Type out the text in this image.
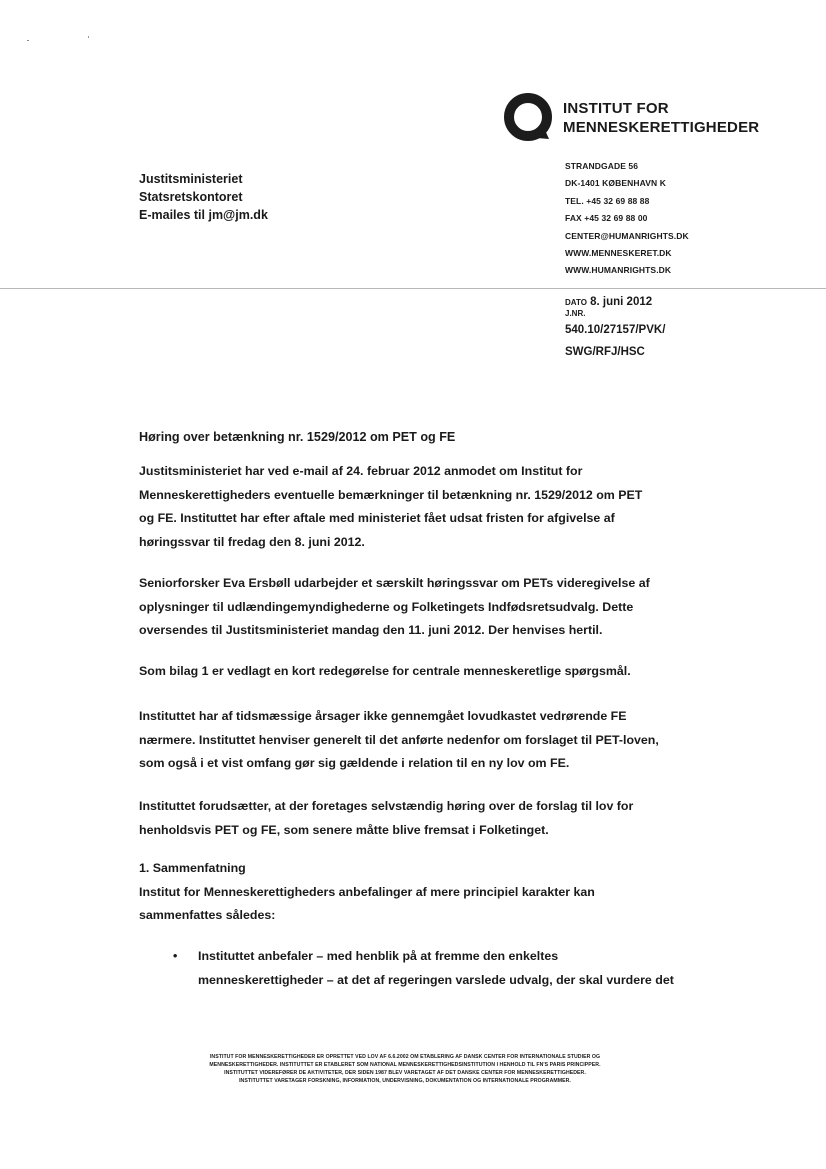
INSTITUT FOR
MENNESKERETTIGHEDER
STRANDGADE 56
DK-1401 KØBENHAVN K
TEL. +45 32 69 88 88
FAX +45 32 69 88 00
CENTER@HUMANRIGHTS.DK
WWW.MENNESKERET.DK
WWW.HUMANRIGHTS.DK
Justitsministeriet
Statsretskontoret
E-mailes til jm@jm.dk
DATO 8. juni 2012
J.NR.
540.10/27157/PVK/
SWG/RFJ/HSC
Høring over betænkning nr. 1529/2012 om PET og FE

Justitsministeriet har ved e-mail af 24. februar 2012 anmodet om Institut for

Menneskerettigheders eventuelle bemærkninger til betænkning nr. 1529/2012 om PET

og FE. Instituttet har efter aftale med ministeriet fået udsat fristen for afgivelse af

høringssvar til fredag den 8. juni 2012.

Seniorforsker Eva Ersbøll udarbejder et særskilt høringssvar om PETs videregivelse af

oplysninger til udlændingemyndighederne og Folketingets Indfødsretsudvalg. Dette

oversendes til Justitsministeriet mandag den 11. juni 2012. Der henvises hertil.

Som bilag 1 er vedlagt en kort redegørelse for centrale menneskeretlige spørgsmål.

Instituttet har af tidsmæssige årsager ikke gennemgået lovudkastet vedrørende FE

nærmere. Instituttet henviser generelt til det anførte nedenfor om forslaget til PET-loven,

som også i et vist omfang gør sig gældende i relation til en ny lov om FE.

Instituttet forudsætter, at der foretages selvstændig høring over de forslag til lov for

henholdsvis PET og FE, som senere måtte blive fremsat i Folketinget.

1. Sammenfatning

Institut for Menneskerettigheders anbefalinger af mere principiel karakter kan

sammenfattes således:

• Instituttet anbefaler – med henblik på at fremme den enkeltes

menneskerettigheder – at det af regeringen varslede udvalg, der skal vurdere det

INSTITUT FOR MENNESKERETTIGHEDER ER OPRETTET VED LOV AF 6.6.2002 OM ETABLERING AF DANSK CENTER FOR INTERNATIONALE STUDIER OG
MENNESKERETTIGHEDER. INSTITUTTET ER ETABLERET SOM NATIONAL MENNESKERETTIGHEDSINSTITUTION I HENHOLD TIL FN'S PARIS PRINCIPPER.
INSTITUTTET VIDEREFØRER DE AKTIVITETER, DER SIDEN 1987 BLEV VARETAGET AF DET DANSKE CENTER FOR MENNESKERETTIGHEDER.
INSTITUTTET VARETAGER FORSKNING, INFORMATION, UNDERVISNING, DOKUMENTATION OG INTERNATIONALE PROGRAMMER.
